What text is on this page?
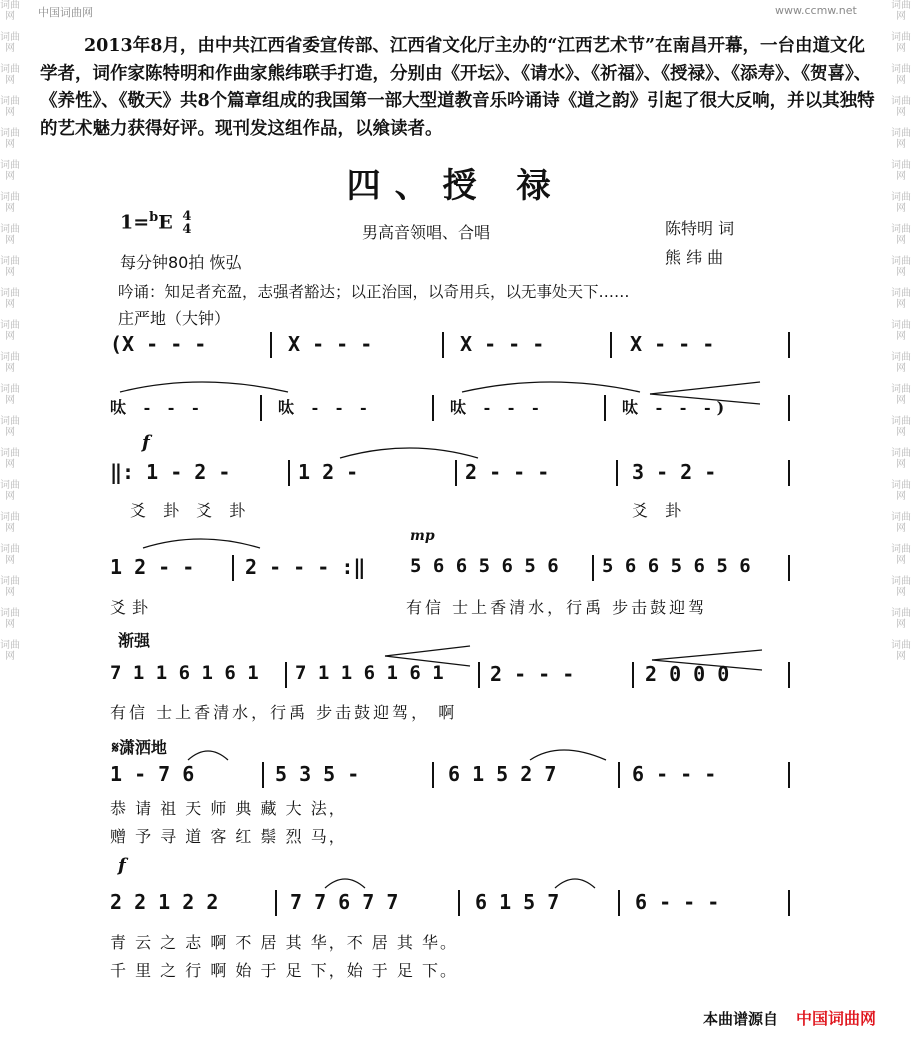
中国词曲网	www.ccmw.net
词曲网
词曲网
词曲网
词曲网
词曲网
词曲网
词曲网
词曲网
词曲网
词曲网
词曲网
词曲网
词曲网
词曲网
词曲网
词曲网
词曲网
词曲网
词曲网
词曲网
词曲网
词曲网
词曲网
词曲网
词曲网
词曲网
词曲网
词曲网
词曲网
词曲网
词曲网
词曲网
词曲网
词曲网
词曲网
词曲网
词曲网
词曲网
词曲网
词曲网
词曲网
词曲网

2013年8月，由中共江西省委宣传部、江西省文化厅主办的“江西艺术节”在南昌开幕，一台由道文化学者，词作家陈特明和作曲家熊纬联手打造，分别由《开坛》、《请水》、《祈福》、《授禄》、《添寿》、《贺喜》、《养性》、《敬天》共8个篇章组成的我国第一部大型道教音乐吟诵诗《道之韵》引起了很大反响，并以其独特的艺术魅力获得好评。现刊发这组作品，以飨读者。

四、授 禄
1=$^b$E 4
4	男高音领唱、合唱	陈特明 词
熊 纬 曲
每分钟80拍 恢弘
吟诵：知足者充盈，志强者豁达；以正治国，以奇用兵，以无事处天下……
庄严地（大钟）
(X - - -	X - - -	X - - -	X - - -
呔 - - -	呔 - - -	呔 - - -	呔 - - -)
f
‖: 1 - 2 -	1 2 -	2 - - -	3 - 2 -
爻 卦 爻 卦	爻 卦
mp
1 2 - -	2 - - - :‖ 5 6 6 5 6 5 6 5 6 6 5 6 5 6
爻卦	有信 士上香清水，行禹 步击鼓迎驾
渐强
7 1 1 6 1 6 1 7 1 1 6 1 6 1 2 - - -	2 0 0 0
有信 士上香清水，行禹 步击鼓迎驾， 啊
𝄋潇洒地
1 - 7 6	5 3 5 -	6 1 5 2 7	6 - - -
恭 请 祖 天 师 典 藏 大 法，
赠 予 寻 道 客 红 鬃 烈 马，
f
2 2 1 2 2	7 7 6 7 7	6 1 5 7	6 - - -
青 云 之 志 啊 不 居 其 华，不 居 其 华。
千 里 之 行 啊 始 于 足 下，始 于 足 下。
本曲谱源自 中国词曲网
